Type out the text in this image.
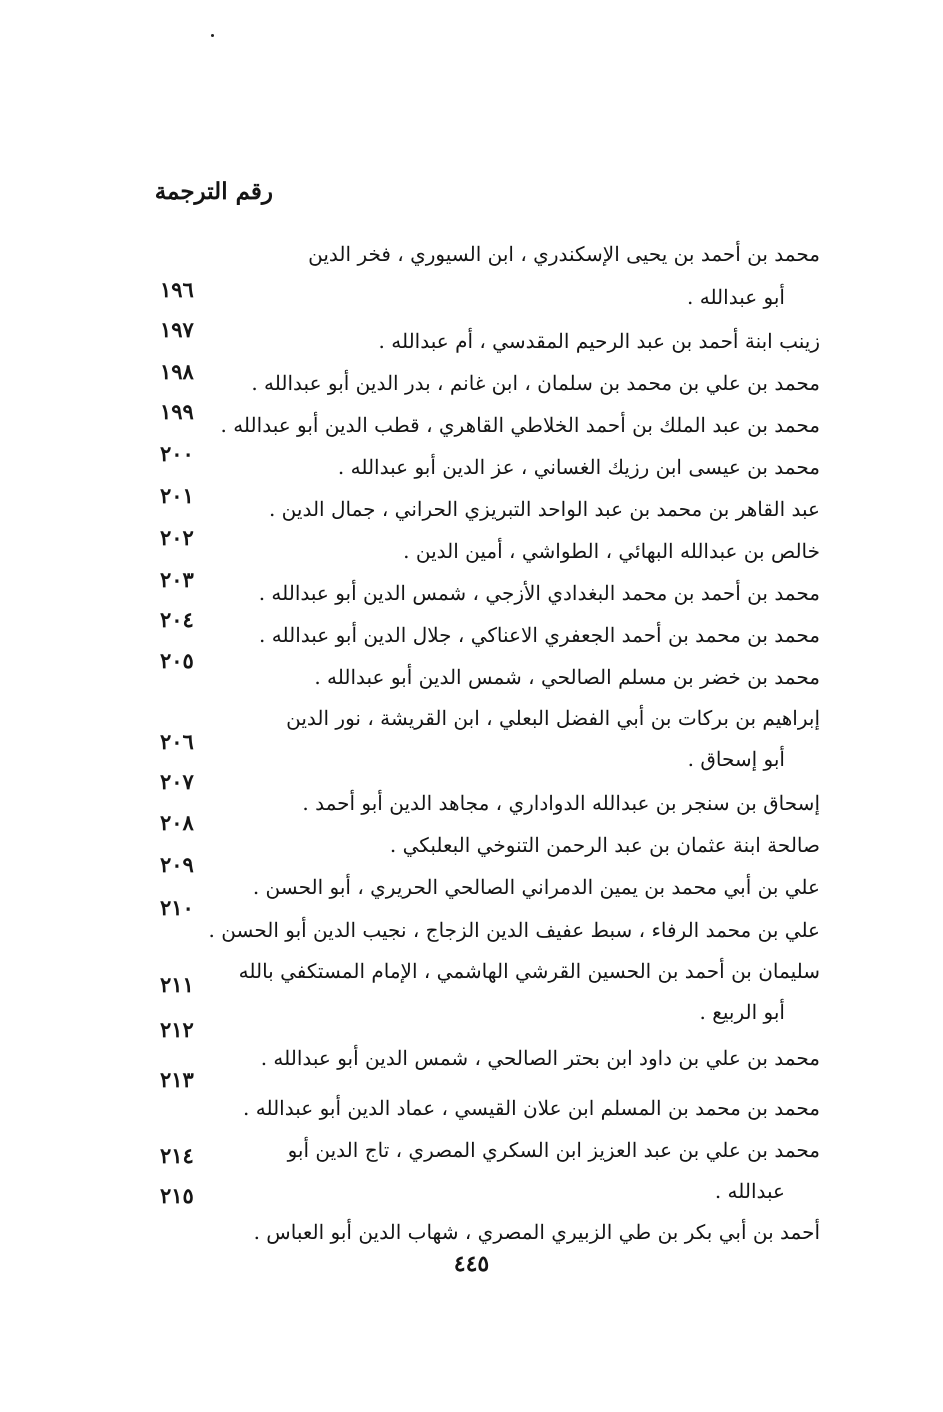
رقم الترجمة
محمد بن أحمد بن يحيى الإسكندري ، ابن السيوري ، فخر الدين
أبو عبدالله .
زينب ابنة أحمد بن عبد الرحيم المقدسي ، أم عبدالله .
محمد بن علي بن محمد بن سلمان ، ابن غانم ، بدر الدين أبو عبدالله .
محمد بن عبد الملك بن أحمد الخلاطي القاهري ، قطب الدين أبو عبدالله .
محمد بن عيسى ابن رزيك الغساني ، عز الدين أبو عبدالله .
عبد القاهر بن محمد بن عبد الواحد التبريزي الحراني ، جمال الدين .
خالص بن عبدالله البهائي ، الطواشي ، أمين الدين .
محمد بن أحمد بن محمد البغدادي الأزجي ، شمس الدين أبو عبدالله .
محمد بن محمد بن أحمد الجعفري الاعناكي ، جلال الدين أبو عبدالله .
محمد بن خضر بن مسلم الصالحي ، شمس الدين أبو عبدالله .
إبراهيم بن بركات بن أبي الفضل البعلي ، ابن القريشة ، نور الدين
أبو إسحاق .
إسحاق بن سنجر بن عبدالله الدواداري ، مجاهد الدين أبو أحمد .
صالحة ابنة عثمان بن عبد الرحمن التنوخي البعلبكي .
علي بن أبي محمد بن يمين الدمراني الصالحي الحريري ، أبو الحسن .
علي بن محمد الرفاء ، سبط عفيف الدين الزجاج ، نجيب الدين أبو الحسن .
سليمان بن أحمد بن الحسين القرشي الهاشمي ، الإمام المستكفي بالله
أبو الربيع .
محمد بن علي بن داود ابن بحتر الصالحي ، شمس الدين أبو عبدالله .
محمد بن محمد بن المسلم ابن علان القيسي ، عماد الدين أبو عبدالله .
محمد بن علي بن عبد العزيز ابن السكري المصري ، تاج الدين أبو
عبدالله .
أحمد بن أبي بكر بن طي الزبيري المصري ، شهاب الدين أبو العباس .
١٩٦
١٩٧
١٩٨
١٩٩
٢٠٠
٢٠١
٢٠٢
٢٠٣
٢٠٤
٢٠٥
٢٠٦
٢٠٧
٢٠٨
٢٠٩
٢١٠
٢١١
٢١٢
٢١٣
٢١٤
٢١٥
٤٤٥
